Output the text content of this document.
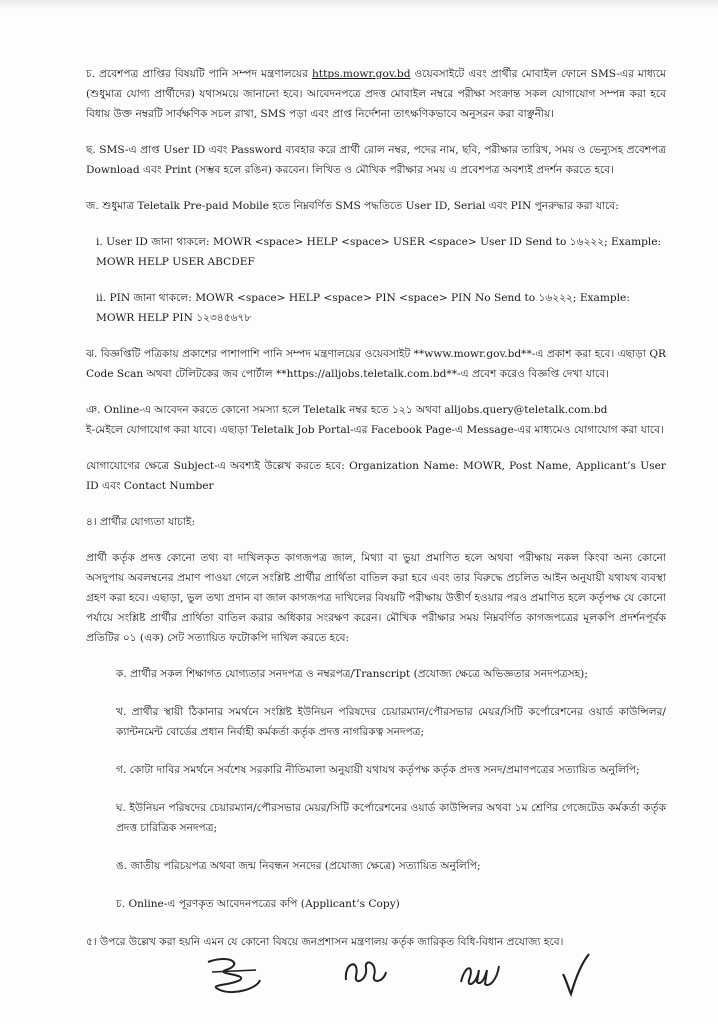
চ. প্রবেশপত্র প্রাপ্তির বিষয়টি পানি সম্পদ মন্ত্রণালয়ের https.mowr.gov.bd ওয়েবসাইটে এবং প্রার্থীর মোবাইল ফোনে SMS-এর মাধ্যমে (শুধুমাত্র যোগ্য প্রার্থীদের) যথাসময়ে জানানো হবে। আবেদনপত্রে প্রদত্ত মোবাইল নম্বরে পরীক্ষা সংক্রান্ত সকল যোগাযোগ সম্পন্ন করা হবে বিধায় উক্ত নম্বরটি সার্বক্ষণিক সচল রাখা, SMS পড়া এবং প্রাপ্ত নির্দেশনা তাৎক্ষণিকভাবে অনুসরন করা বাঞ্ছনীয়।

ছ. SMS-এ প্রাপ্ত User ID এবং Password ব্যবহার করে প্রার্থী রোল নম্বর, পদের নাম, ছবি, পরীক্ষার তারিখ, সময় ও ভেন্যুসহ প্রবেশপত্র Download এবং Print (সম্ভব হলে রঙিন) করবেন। লিখিত ও মৌখিক পরীক্ষার সময় এ প্রবেশপত্র অবশ্যই প্রদর্শন করতে হবে।

জ. শুধুমাত্র Teletalk Pre-paid Mobile হতে নিম্নবর্ণিত SMS পদ্ধতিতে User ID, Serial এবং PIN পুনরুদ্ধার করা যাবে:

i. User ID জানা থাকলে: MOWR <space> HELP <space> USER <space> User ID Send to ১৬২২২; Example: MOWR HELP USER ABCDEF

ii. PIN জানা থাকলে: MOWR <space> HELP <space> PIN <space> PIN No Send to ১৬২২২; Example: MOWR HELP PIN ১২৩৪৫৬৭৮

ঝ. বিজ্ঞপ্তিটি পত্রিকায় প্রকাশের পাশাপাশি পানি সম্পদ মন্ত্রণালয়ের ওয়েবসাইট **www.mowr.gov.bd**-এ প্রকাশ করা হবে। এছাড়া QR Code Scan অথবা টেলিটকের জব পোর্টাল **https://alljobs.teletalk.com.bd**-এ প্রবেশ করেও বিজ্ঞপ্তি দেখা যাবে।

ঞ. Online-এ আবেদন করতে কোনো সমস্যা হলে Teletalk নম্বর হতে ১২১ অথবা alljobs.query@teletalk.com.bd
ই-মেইলে যোগাযোগ করা যাবে। এছাড়া Teletalk Job Portal-এর Facebook Page-এ Message-এর মাধ্যমেও যোগাযোগ করা যাবে।

যোগাযোগের ক্ষেত্রে Subject-এ অবশ্যই উল্লেখ করতে হবে: Organization Name: MOWR, Post Name, Applicant’s User ID এবং Contact Number

৪। প্রার্থীর যোগ্যতা যাচাই:

প্রার্থী কর্তৃক প্রদত্ত কোনো তথ্য বা দাখিলকৃত কাগজপত্র জাল, মিথ্যা বা ভুয়া প্রমাণিত হলে অথবা পরীক্ষায় নকল কিংবা অন্য কোনো অসদুপায় অবলম্বনের প্রমাণ পাওয়া গেলে সংশ্লিষ্ট প্রার্থীর প্রার্থিতা বাতিল করা হবে এবং তার বিরুদ্ধে প্রচলিত আইন অনুযায়ী যথাযথ ব্যবস্থা গ্রহণ করা হবে। এছাড়া, ভুল তথ্য প্রদান বা জাল কাগজপত্র দাখিলের বিষয়টি পরীক্ষায় উত্তীর্ণ হওয়ার পরও প্রমাণিত হলে কর্তৃপক্ষ যে কোনো পর্যায়ে সংশ্লিষ্ট প্রার্থীর প্রার্থিতা বাতিল করার অধিকার সংরক্ষণ করেন। মৌখিক পরীক্ষার সময় নিম্নবর্ণিত কাগজপত্রের মূলকপি প্রদর্শনপূর্বক প্রতিটির ০১ (এক) সেট সত্যায়িত ফটোকপি দাখিল করতে হবে:

ক. প্রার্থীর সকল শিক্ষাগত যোগ্যতার সনদপত্র ও নম্বরপত্র/Transcript (প্রযোজ্য ক্ষেত্রে অভিজ্ঞতার সনদপত্রসহ);

খ. প্রার্থীর স্থায়ী ঠিকানার সমর্থনে সংশ্লিষ্ট ইউনিয়ন পরিষদের চেয়ারম্যান/পৌরসভার মেয়র/সিটি কর্পোরেশনের ওয়ার্ড কাউন্সিলর/ক্যান্টনমেন্ট বোর্ডের প্রধান নির্বাহী কর্মকর্তা কর্তৃক প্রদত্ত নাগরিকত্ব সনদপত্র;

গ. কোটা দাবির সমর্থনে সর্বশেষ সরকারি নীতিমালা অনুযায়ী যথাযথ কর্তৃপক্ষ কর্তৃক প্রদত্ত সনদ/প্রমাণপত্রের সত্যায়িত অনুলিপি;

ঘ. ইউনিয়ন পরিষদের চেয়ারম্যান/পৌরসভার মেয়র/সিটি কর্পোরেশনের ওয়ার্ড কাউন্সিলর অথবা ১ম শ্রেণির গেজেটেড কর্মকর্তা কর্তৃক প্রদত্ত চারিত্রিক সনদপত্র;

ঙ. জাতীয় পরিচয়পত্র অথবা জন্ম নিবন্ধন সনদের (প্রযোজ্য ক্ষেত্রে) সত্যায়িত অনুলিপি;

চ. Online-এ পূরণকৃত আবেদনপত্রের কপি (Applicant’s Copy)

৫। উপরে উল্লেখ করা হয়নি এমন যে কোনো বিষয়ে জনপ্রশাসন মন্ত্রণালয় কর্তৃক জারিকৃত বিধি-বিধান প্রযোজ্য হবে।
